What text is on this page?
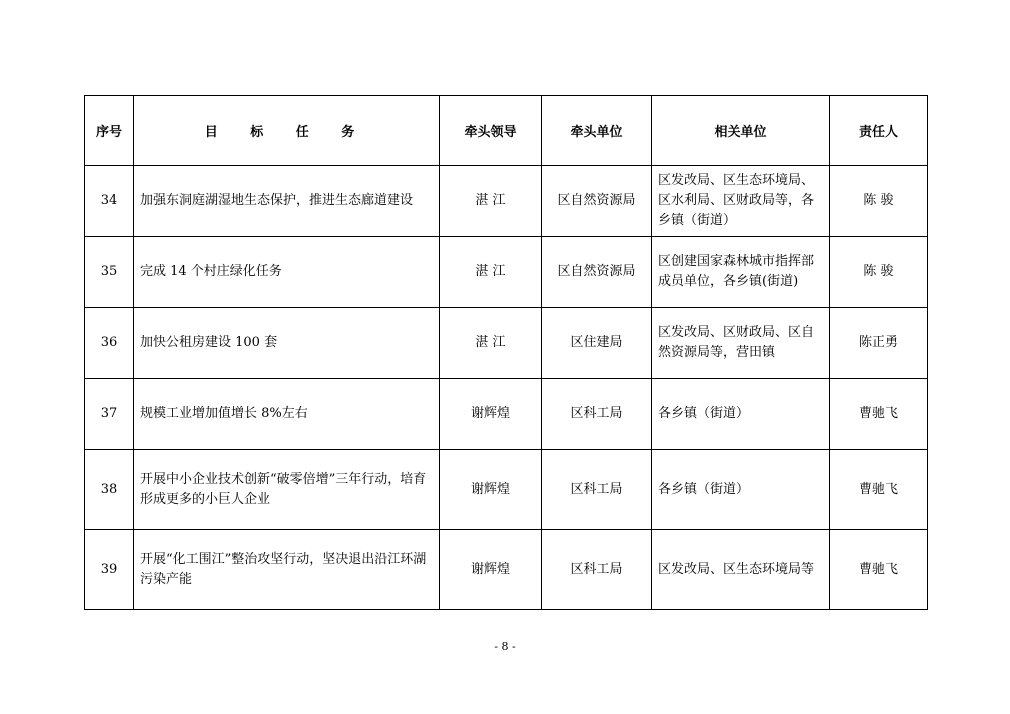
序号	目 标 任 务	牵头领导	牵头单位	相关单位	责任人
34	加强东洞庭湖湿地生态保护，推进生态廊道建设	湛 江	区自然资源局	区发改局、区生态环境局、区水利局、区财政局等，各乡镇（街道）	陈 骏
35	完成 14 个村庄绿化任务	湛 江	区自然资源局	区创建国家森林城市指挥部成员单位，各乡镇(街道)	陈 骏
36	加快公租房建设 100 套	湛 江	区住建局	区发改局、区财政局、区自然资源局等，营田镇	陈正勇
37	规模工业增加值增长 8%左右	谢辉煌	区科工局	各乡镇（街道）	曹驰飞
38	开展中小企业技术创新“破零倍增”三年行动，培育形成更多的小巨人企业	谢辉煌	区科工局	各乡镇（街道）	曹驰飞
39	开展“化工围江”整治攻坚行动，坚决退出沿江环湖污染产能	谢辉煌	区科工局	区发改局、区生态环境局等	曹驰飞
- 8 -
